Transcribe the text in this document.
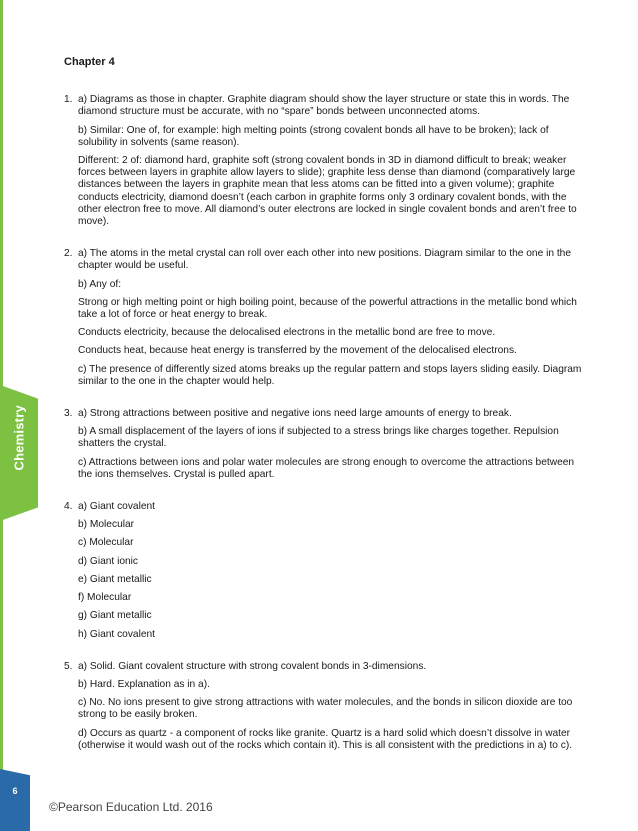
Chemistry
6
©Pearson Education Ltd. 2016
Chapter 4
1. a) Diagrams as those in chapter. Graphite diagram should show the layer structure or state this in words. The diamond structure must be accurate, with no “spare” bonds between unconnected atoms.
b) Similar: One of, for example: high melting points (strong covalent bonds all have to be broken); lack of solubility in solvents (same reason).
Different: 2 of: diamond hard, graphite soft (strong covalent bonds in 3D in diamond difficult to break; weaker forces between layers in graphite allow layers to slide); graphite less dense than diamond (comparatively large distances between the layers in graphite mean that less atoms can be fitted into a given volume); graphite conducts electricity, diamond doesn’t (each carbon in graphite forms only 3 ordinary covalent bonds, with the other electron free to move. All diamond’s outer electrons are locked in single covalent bonds and aren’t free to move).
2. a) The atoms in the metal crystal can roll over each other into new positions. Diagram similar to the one in the chapter would be useful.
b) Any of:
Strong or high melting point or high boiling point, because of the powerful attractions in the metallic bond which take a lot of force or heat energy to break.
Conducts electricity, because the delocalised electrons in the metallic bond are free to move.
Conducts heat, because heat energy is transferred by the movement of the delocalised electrons.
c) The presence of differently sized atoms breaks up the regular pattern and stops layers sliding easily. Diagram similar to the one in the chapter would help.
3. a) Strong attractions between positive and negative ions need large amounts of energy to break.
b) A small displacement of the layers of ions if subjected to a stress brings like charges together. Repulsion shatters the crystal.
c) Attractions between ions and polar water molecules are strong enough to overcome the attractions between the ions themselves. Crystal is pulled apart.
4. a) Giant covalent
b) Molecular
c) Molecular
d) Giant ionic
e) Giant metallic
f) Molecular
g) Giant metallic
h) Giant covalent
5. a) Solid. Giant covalent structure with strong covalent bonds in 3-dimensions.
b) Hard. Explanation as in a).
c) No. No ions present to give strong attractions with water molecules, and the bonds in silicon dioxide are too strong to be easily broken.
d) Occurs as quartz - a component of rocks like granite. Quartz is a hard solid which doesn’t dissolve in water (otherwise it would wash out of the rocks which contain it). This is all consistent with the predictions in a) to c).
